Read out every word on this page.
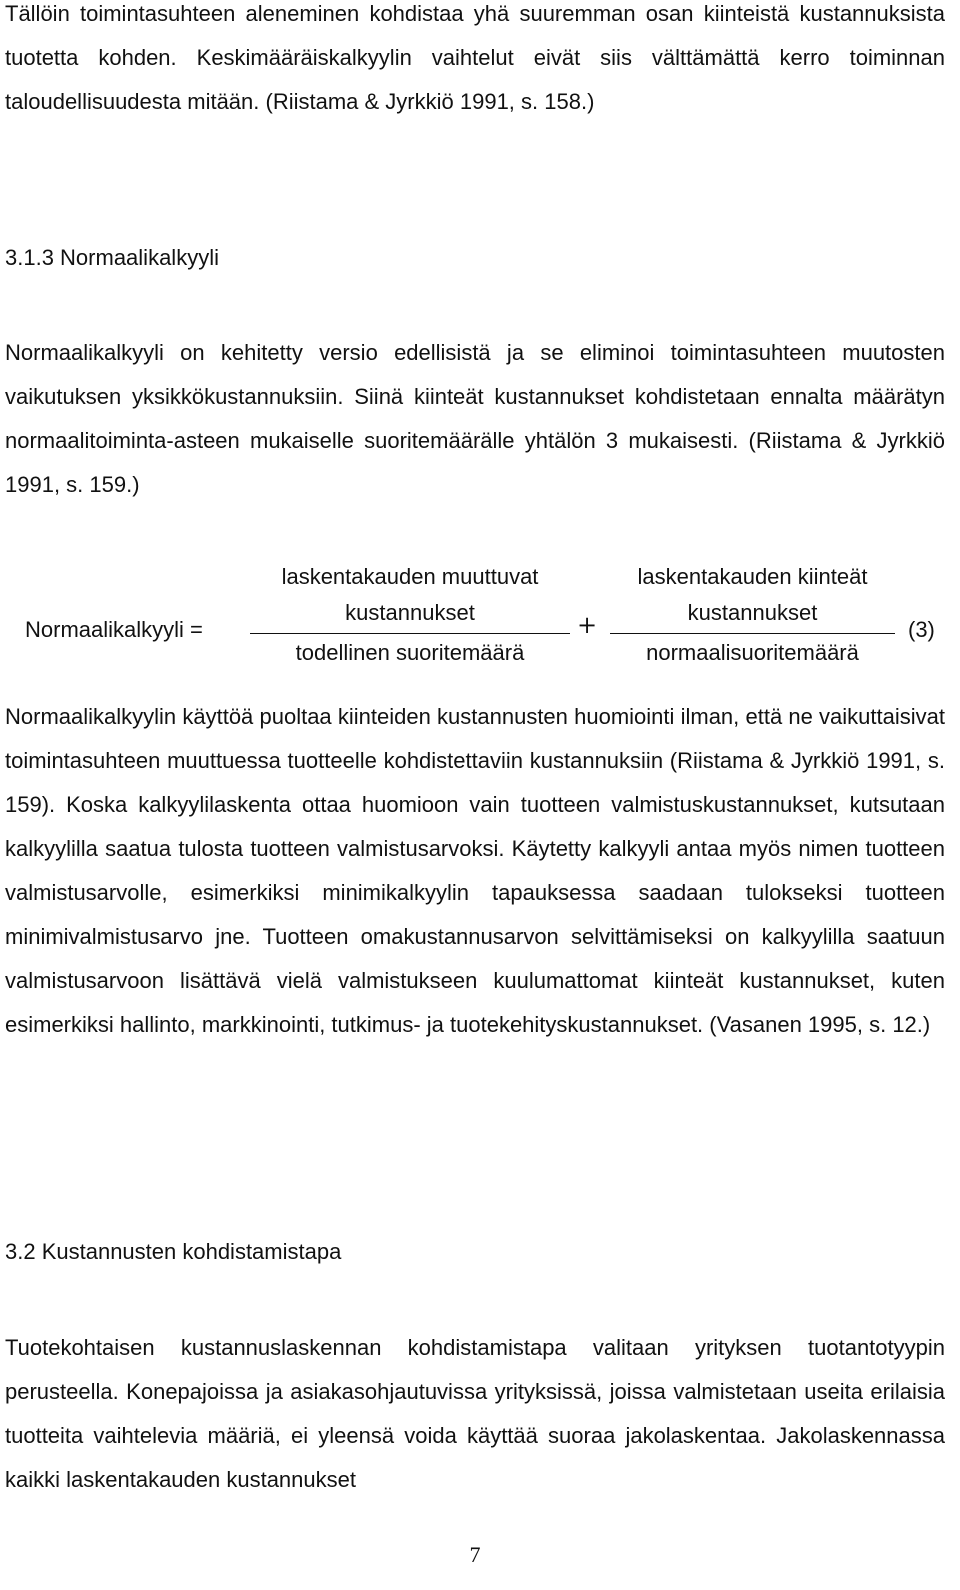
Tällöin toimintasuhteen aleneminen kohdistaa yhä suuremman osan kiinteistä kustannuksista tuotetta kohden. Keskimääräiskalkyylin vaihtelut eivät siis välttämättä kerro toiminnan taloudellisuudesta mitään. (Riistama & Jyrkkiö 1991, s. 158.)

3.1.3 Normaalikalkyyli

Normaalikalkyyli on kehitetty versio edellisistä ja se eliminoi toimintasuhteen muutosten vaikutuksen yksikkökustannuksiin. Siinä kiinteät kustannukset kohdistetaan ennalta määrätyn normaalitoiminta-asteen mukaiselle suoritemäärälle yhtälön 3 mukaisesti. (Riistama & Jyrkkiö 1991, s. 159.)

Normaalikalkyyli =
laskentakauden muuttuvat
kustannukset
todellinen suoritemäärä
+
laskentakauden kiinteät
kustannukset
normaalisuoritemäärä
(3)

Normaalikalkyylin käyttöä puoltaa kiinteiden kustannusten huomiointi ilman, että ne vaikuttaisivat toimintasuhteen muuttuessa tuotteelle kohdistettaviin kustannuksiin (Riistama & Jyrkkiö 1991, s. 159). Koska kalkyylilaskenta ottaa huomioon vain tuotteen valmistuskustannukset, kutsutaan kalkyylilla saatua tulosta tuotteen valmistusarvoksi. Käytetty kalkyyli antaa myös nimen tuotteen valmistusarvolle, esimerkiksi minimikalkyylin tapauksessa saadaan tulokseksi tuotteen minimivalmistusarvo jne. Tuotteen omakustannusarvon selvittämiseksi on kalkyylilla saatuun valmistusarvoon lisättävä vielä valmistukseen kuulumattomat kiinteät kustannukset, kuten esimerkiksi hallinto, markkinointi, tutkimus- ja tuotekehityskustannukset. (Vasanen 1995, s. 12.)

3.2 Kustannusten kohdistamistapa

Tuotekohtaisen kustannuslaskennan kohdistamistapa valitaan yrityksen tuotantotyypin perusteella. Konepajoissa ja asiakasohjautuvissa yrityksissä, joissa valmistetaan useita erilaisia tuotteita vaihtelevia määriä, ei yleensä voida käyttää suoraa jakolaskentaa. Jakolaskennassa kaikki laskentakauden kustannukset

7
